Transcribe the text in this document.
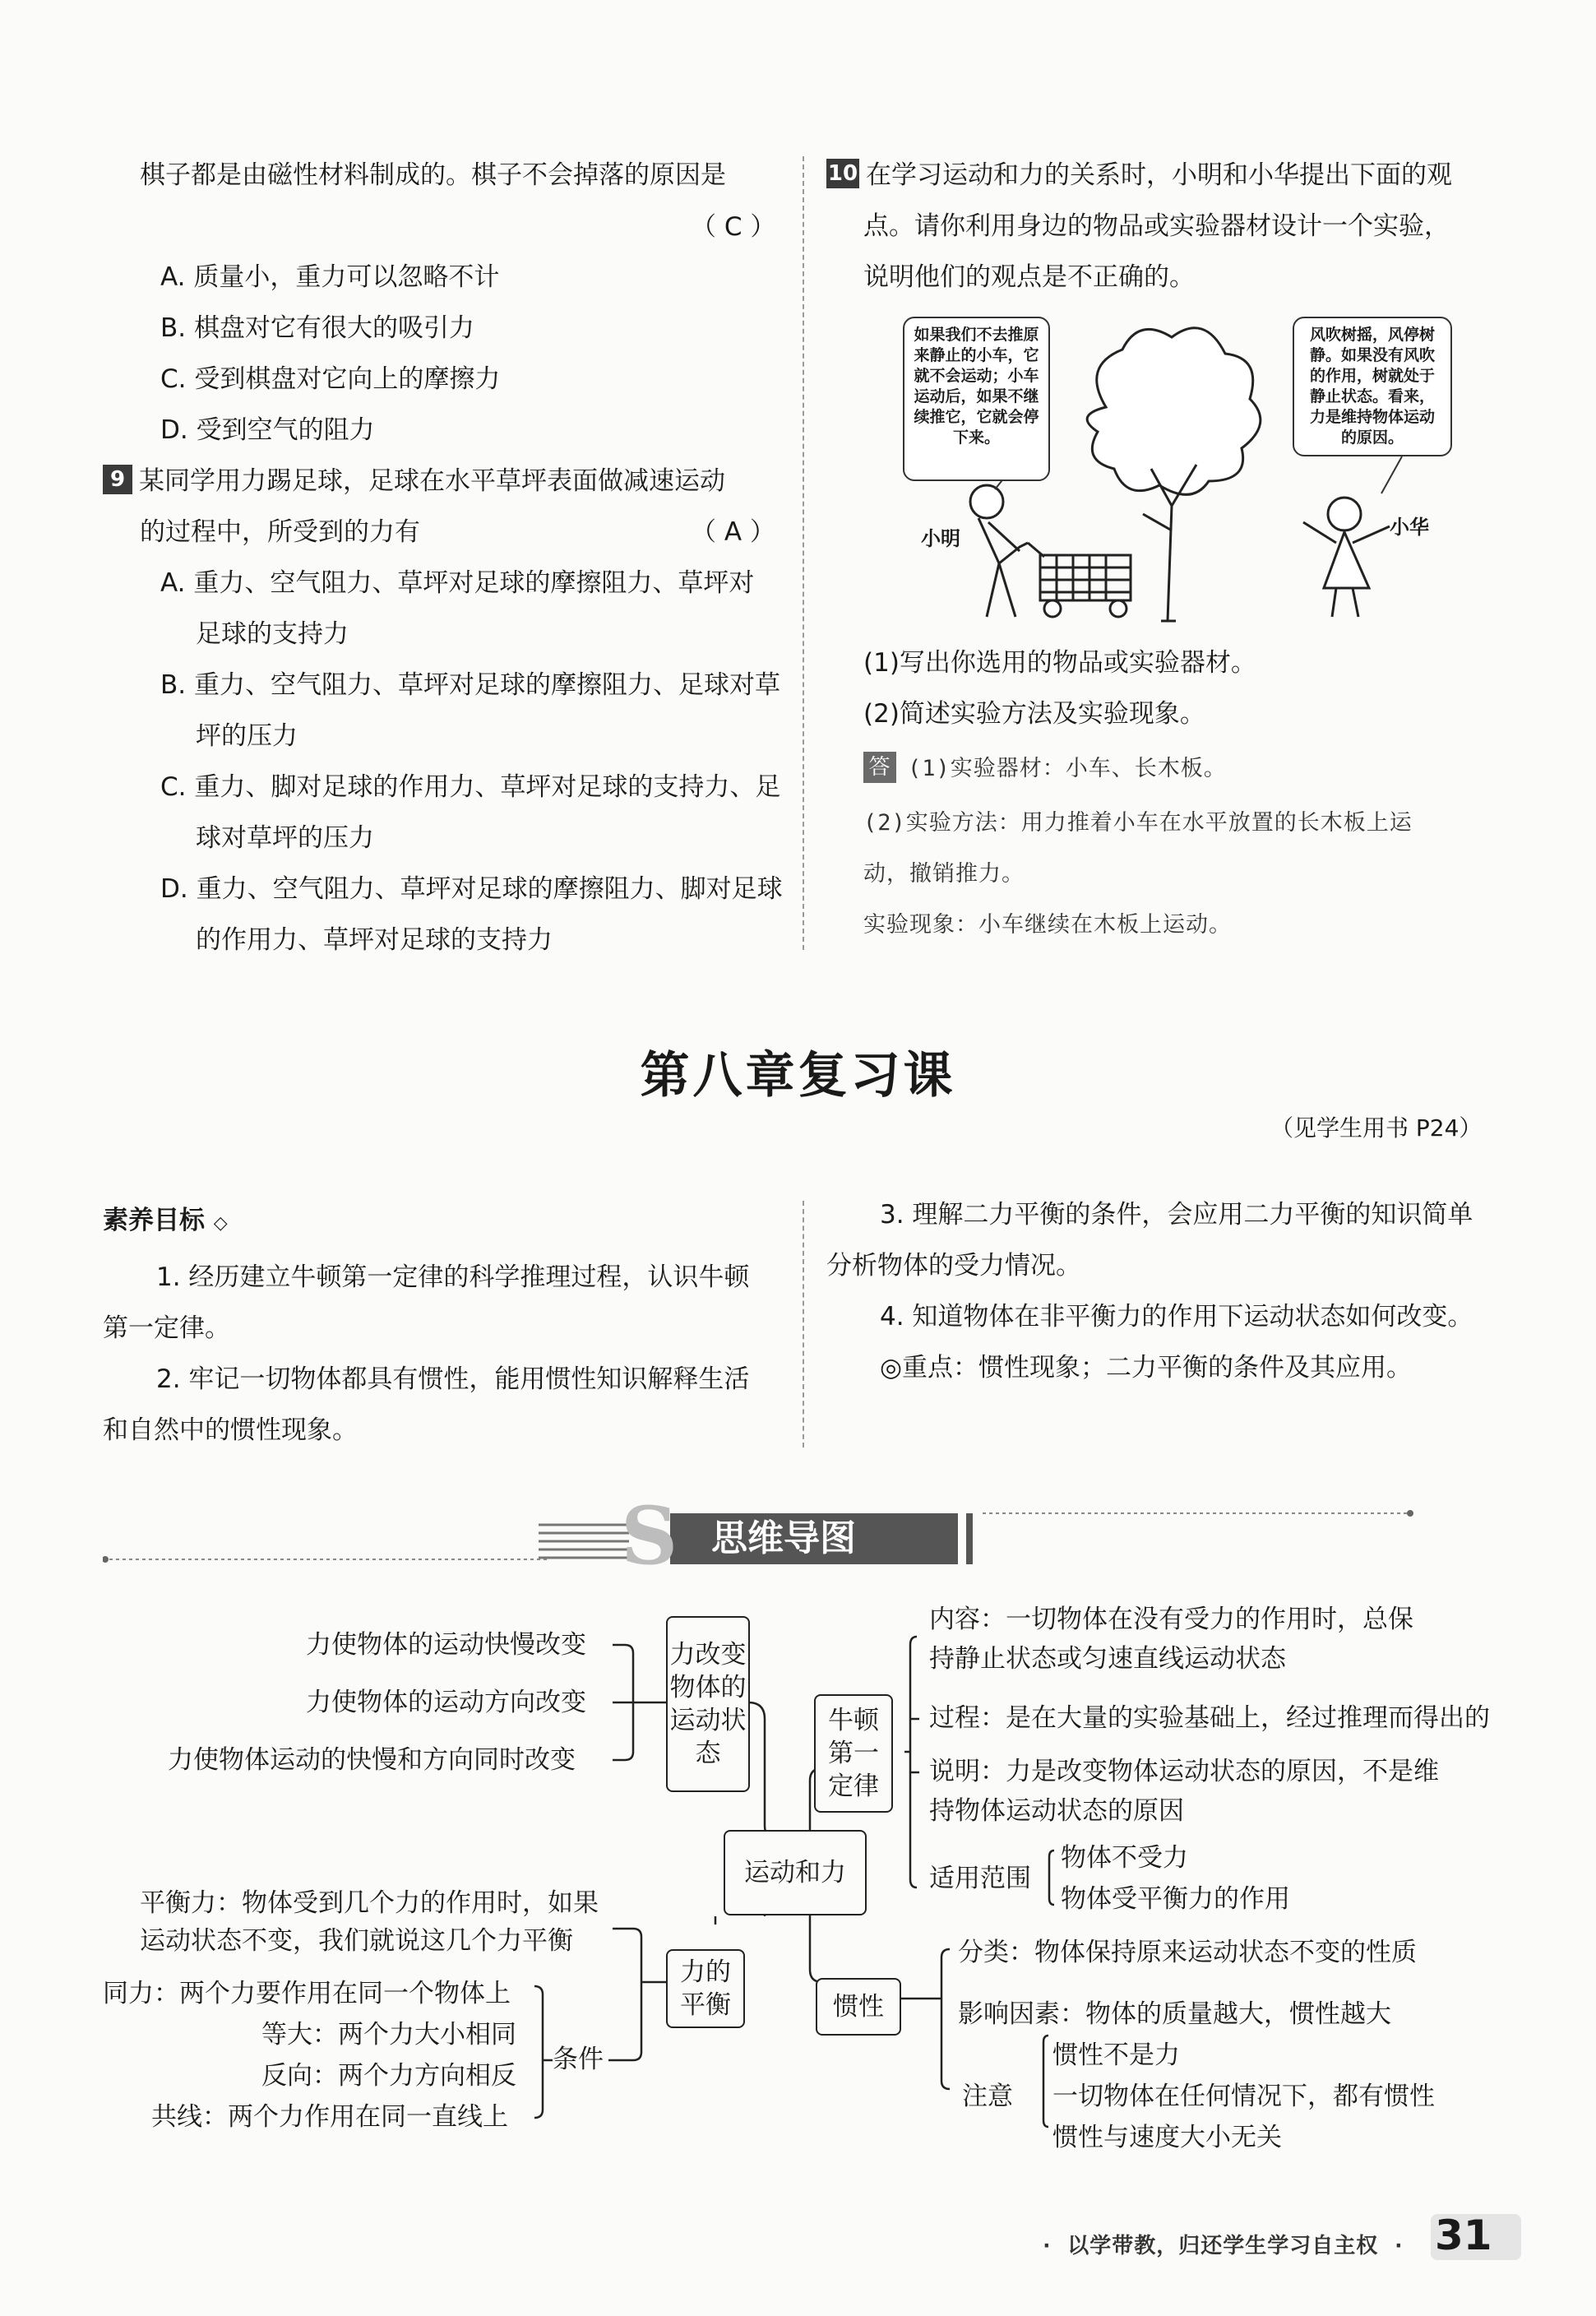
棋子都是由磁性材料制成的。棋子不会掉落的原因是
（ C ）
A. 质量小，重力可以忽略不计
B. 棋盘对它有很大的吸引力
C. 受到棋盘对它向上的摩擦力
D. 受到空气的阻力
9 某同学用力踢足球，足球在水平草坪表面做减速运动
的过程中，所受到的力有	（ A ）
A. 重力、空气阻力、草坪对足球的摩擦阻力、草坪对
足球的支持力
B. 重力、空气阻力、草坪对足球的摩擦阻力、足球对草
坪的压力
C. 重力、脚对足球的作用力、草坪对足球的支持力、足
球对草坪的压力
D. 重力、空气阻力、草坪对足球的摩擦阻力、脚对足球
的作用力、草坪对足球的支持力
10 在学习运动和力的关系时，小明和小华提出下面的观
点。请你利用身边的物品或实验器材设计一个实验，
说明他们的观点是不正确的。
如果我们不去推原来静止的小车，它就不会运动；小车运动后，如果不继续推它，它就会停下来。
风吹树摇，风停树静。如果没有风吹的作用，树就处于静止状态。看来，力是维持物体运动的原因。
小明	小华
(1)写出你选用的物品或实验器材。
(2)简述实验方法及实验现象。
答 (1)实验器材：小车、长木板。
(2)实验方法：用力推着小车在水平放置的长木板上运
动，撤销推力。
实验现象：小车继续在木板上运动。
第八章复习课
（见学生用书 P24）
素养目标 ◇
1. 经历建立牛顿第一定律的科学推理过程，认识牛顿
第一定律。
2. 牢记一切物体都具有惯性，能用惯性知识解释生活
和自然中的惯性现象。
3. 理解二力平衡的条件，会应用二力平衡的知识简单
分析物体的受力情况。
4. 知道物体在非平衡力的作用下运动状态如何改变。
◎重点：惯性现象；二力平衡的条件及其应用。
S 思维导图
力改变物体的运动状态
牛顿第一定律
运动和力
力的平衡	惯性
力使物体的运动快慢改变
力使物体的运动方向改变
力使物体运动的快慢和方向同时改变
内容：一切物体在没有受力的作用时，总保
持静止状态或匀速直线运动状态
过程：是在大量的实验基础上，经过推理而得出的
说明：力是改变物体运动状态的原因，不是维
持物体运动状态的原因
适用范围
物体不受力
物体受平衡力的作用
平衡力：物体受到几个力的作用时，如果
运动状态不变，我们就说这几个力平衡
同力：两个力要作用在同一个物体上
等大：两个力大小相同
反向：两个力方向相反
共线：两个力作用在同一直线上
条件
分类：物体保持原来运动状态不变的性质
影响因素：物体的质量越大，惯性越大
注意
惯性不是力
一切物体在任何情况下，都有惯性
惯性与速度大小无关
· 以学带教，归还学生学习自主权 · 31
